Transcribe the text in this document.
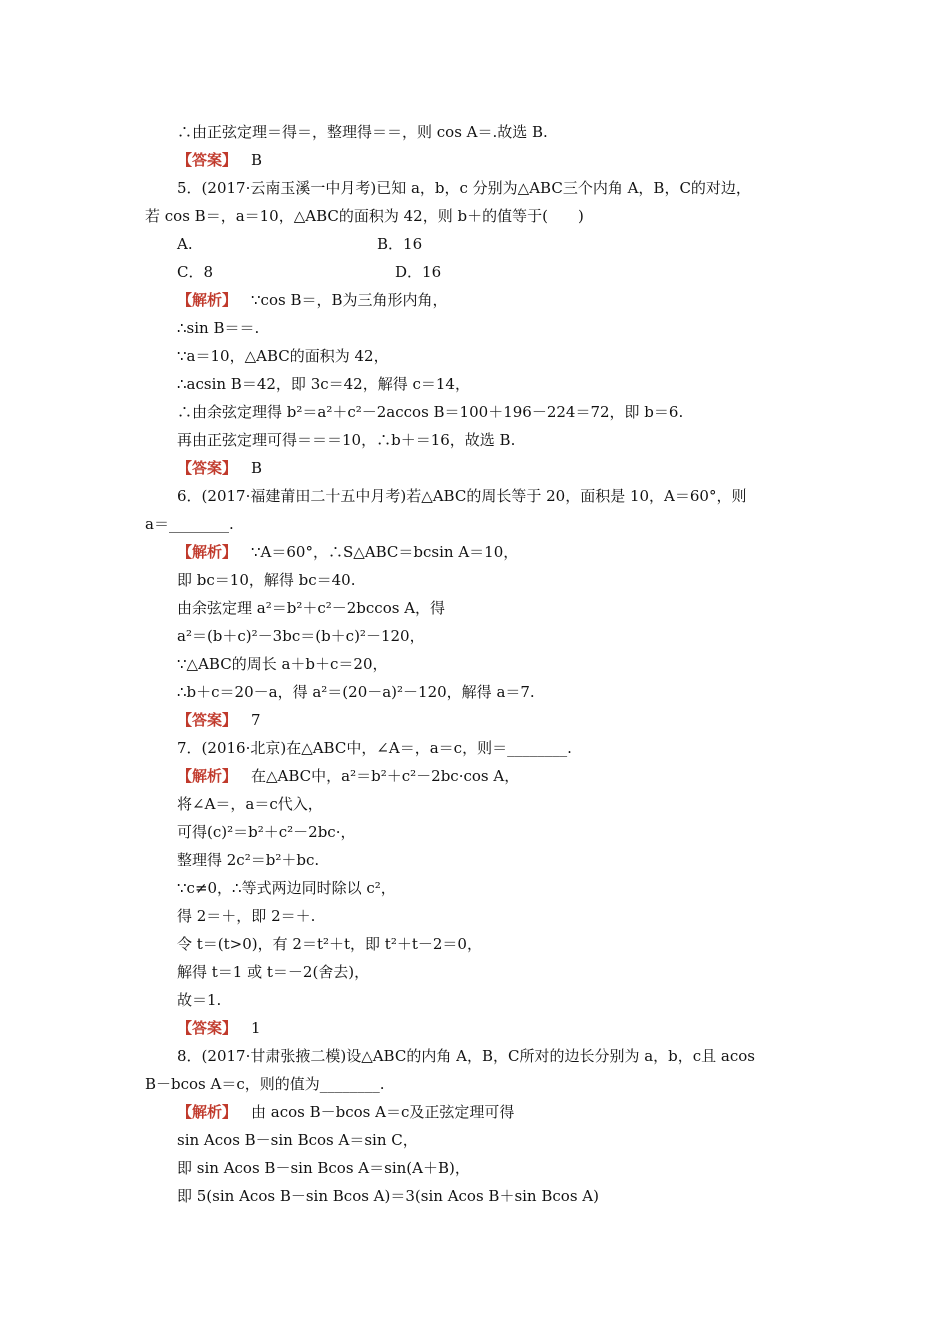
∴由正弦定理＝得＝，整理得＝＝，则 cos A＝.故选 B.
【答案】 B
5．(2017·云南玉溪一中月考)已知 a，b，c 分别为△ABC三个内角 A，B，C的对边，
若 cos B＝，a＝10，△ABC的面积为 42，则 b＋的值等于(　　)
A.	B．16
C．8	D．16
【解析】 ∵cos B＝，B为三角形内角，
∴sin B＝＝.
∵a＝10，△ABC的面积为 42，
∴acsin B＝42，即 3c＝42，解得 c＝14，
∴由余弦定理得 b²＝a²＋c²－2accos B＝100＋196－224＝72，即 b＝6.
再由正弦定理可得＝＝＝10，∴b＋＝16，故选 B.
【答案】 B
6．(2017·福建莆田二十五中月考)若△ABC的周长等于 20，面积是 10，A＝60°，则
a＝________.
【解析】 ∵A＝60°，∴S△ABC＝bcsin A＝10，
即 bc＝10，解得 bc＝40.
由余弦定理 a²＝b²＋c²－2bccos A，得
a²＝(b＋c)²－3bc＝(b＋c)²－120，
∵△ABC的周长 a＋b＋c＝20，
∴b＋c＝20－a，得 a²＝(20－a)²－120，解得 a＝7.
【答案】 7
7．(2016·北京)在△ABC中，∠A＝，a＝c，则＝________.
【解析】 在△ABC中，a²＝b²＋c²－2bc·cos A，
将∠A＝，a＝c代入，
可得(c)²＝b²＋c²－2bc·，
整理得 2c²＝b²＋bc.
∵c≠0，∴等式两边同时除以 c²，
得 2＝＋，即 2＝＋.
令 t＝(t>0)，有 2＝t²＋t，即 t²＋t－2＝0，
解得 t＝1 或 t＝－2(舍去)，
故＝1.
【答案】 1
8．(2017·甘肃张掖二模)设△ABC的内角 A，B，C所对的边长分别为 a，b，c且 acos
B－bcos A＝c，则的值为________.
【解析】 由 acos B－bcos A＝c及正弦定理可得
sin Acos B－sin Bcos A＝sin C，
即 sin Acos B－sin Bcos A＝sin(A＋B)，
即 5(sin Acos B－sin Bcos A)＝3(sin Acos B＋sin Bcos A)
